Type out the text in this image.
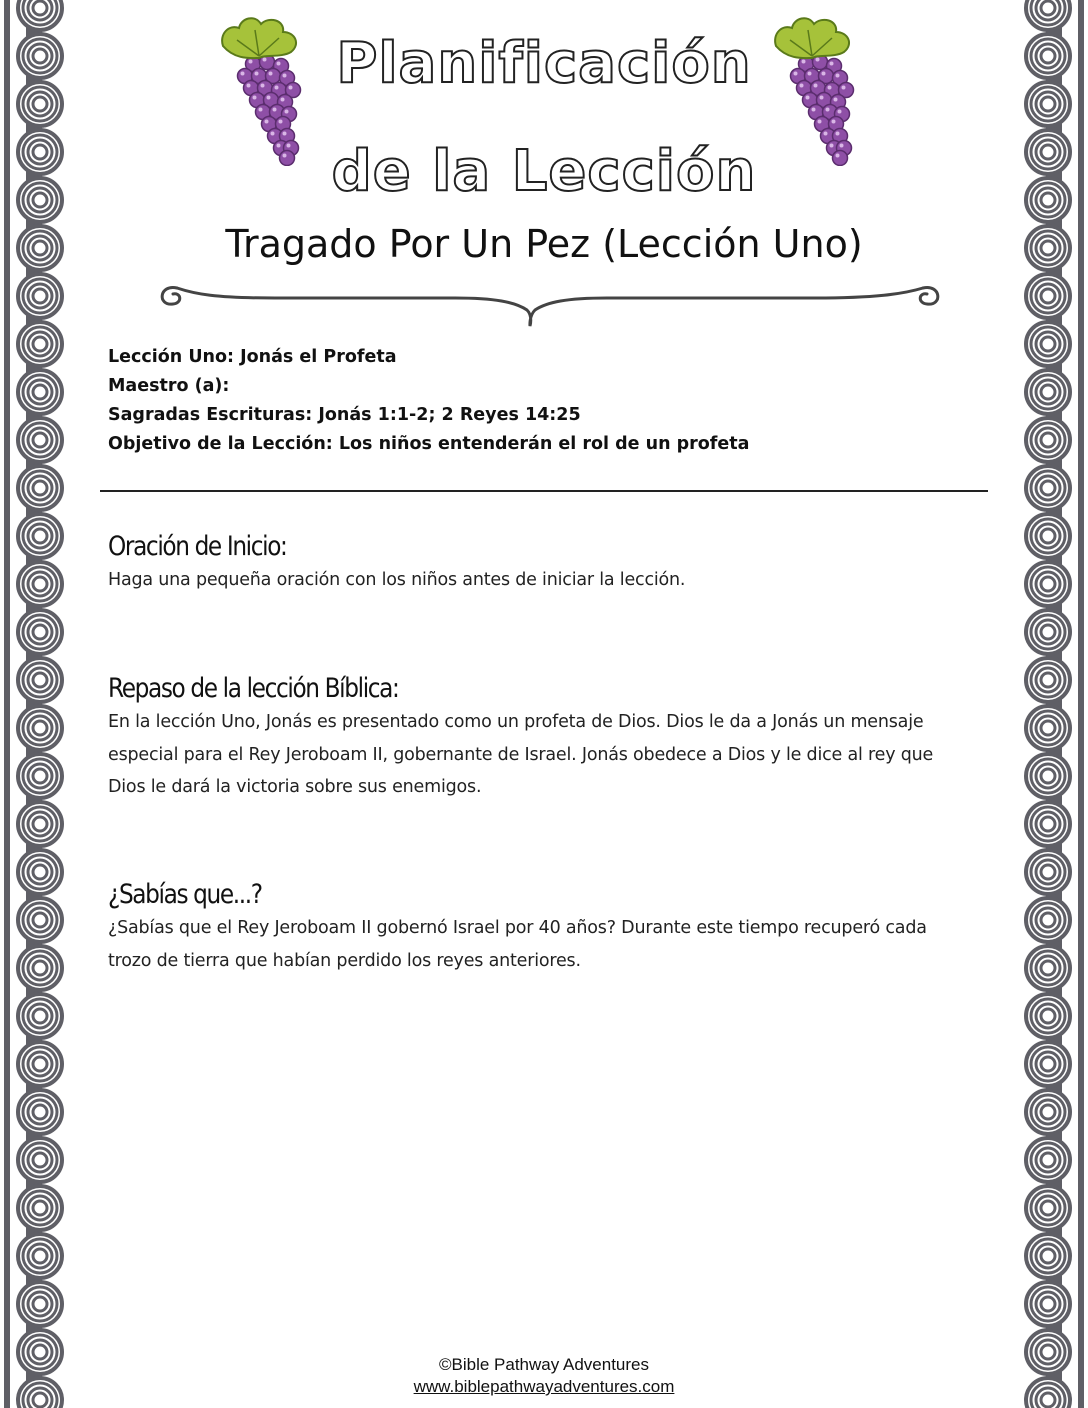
Planificación
de la Lección
Tragado Por Un Pez (Lección Uno)
Lección Uno: Jonás el Profeta
Maestro (a):
Sagradas Escrituras: Jonás 1:1-2; 2 Reyes 14:25
Objetivo de la Lección: Los niños entenderán el rol de un profeta
Oración de Inicio:
Haga una pequeña oración con los niños antes de iniciar la lección.
Repaso de la lección Bíblica:
En la lección Uno, Jonás es presentado como un profeta de Dios. Dios le da a Jonás un mensaje especial para el Rey Jeroboam II, gobernante de Israel. Jonás obedece a Dios y le dice al rey que Dios le dará la victoria sobre sus enemigos.
¿Sabías que...?
¿Sabías que el Rey Jeroboam II gobernó Israel por 40 años? Durante este tiempo recuperó cada trozo de tierra que habían perdido los reyes anteriores.
©Bible Pathway Adventures
www.biblepathwayadventures.com
